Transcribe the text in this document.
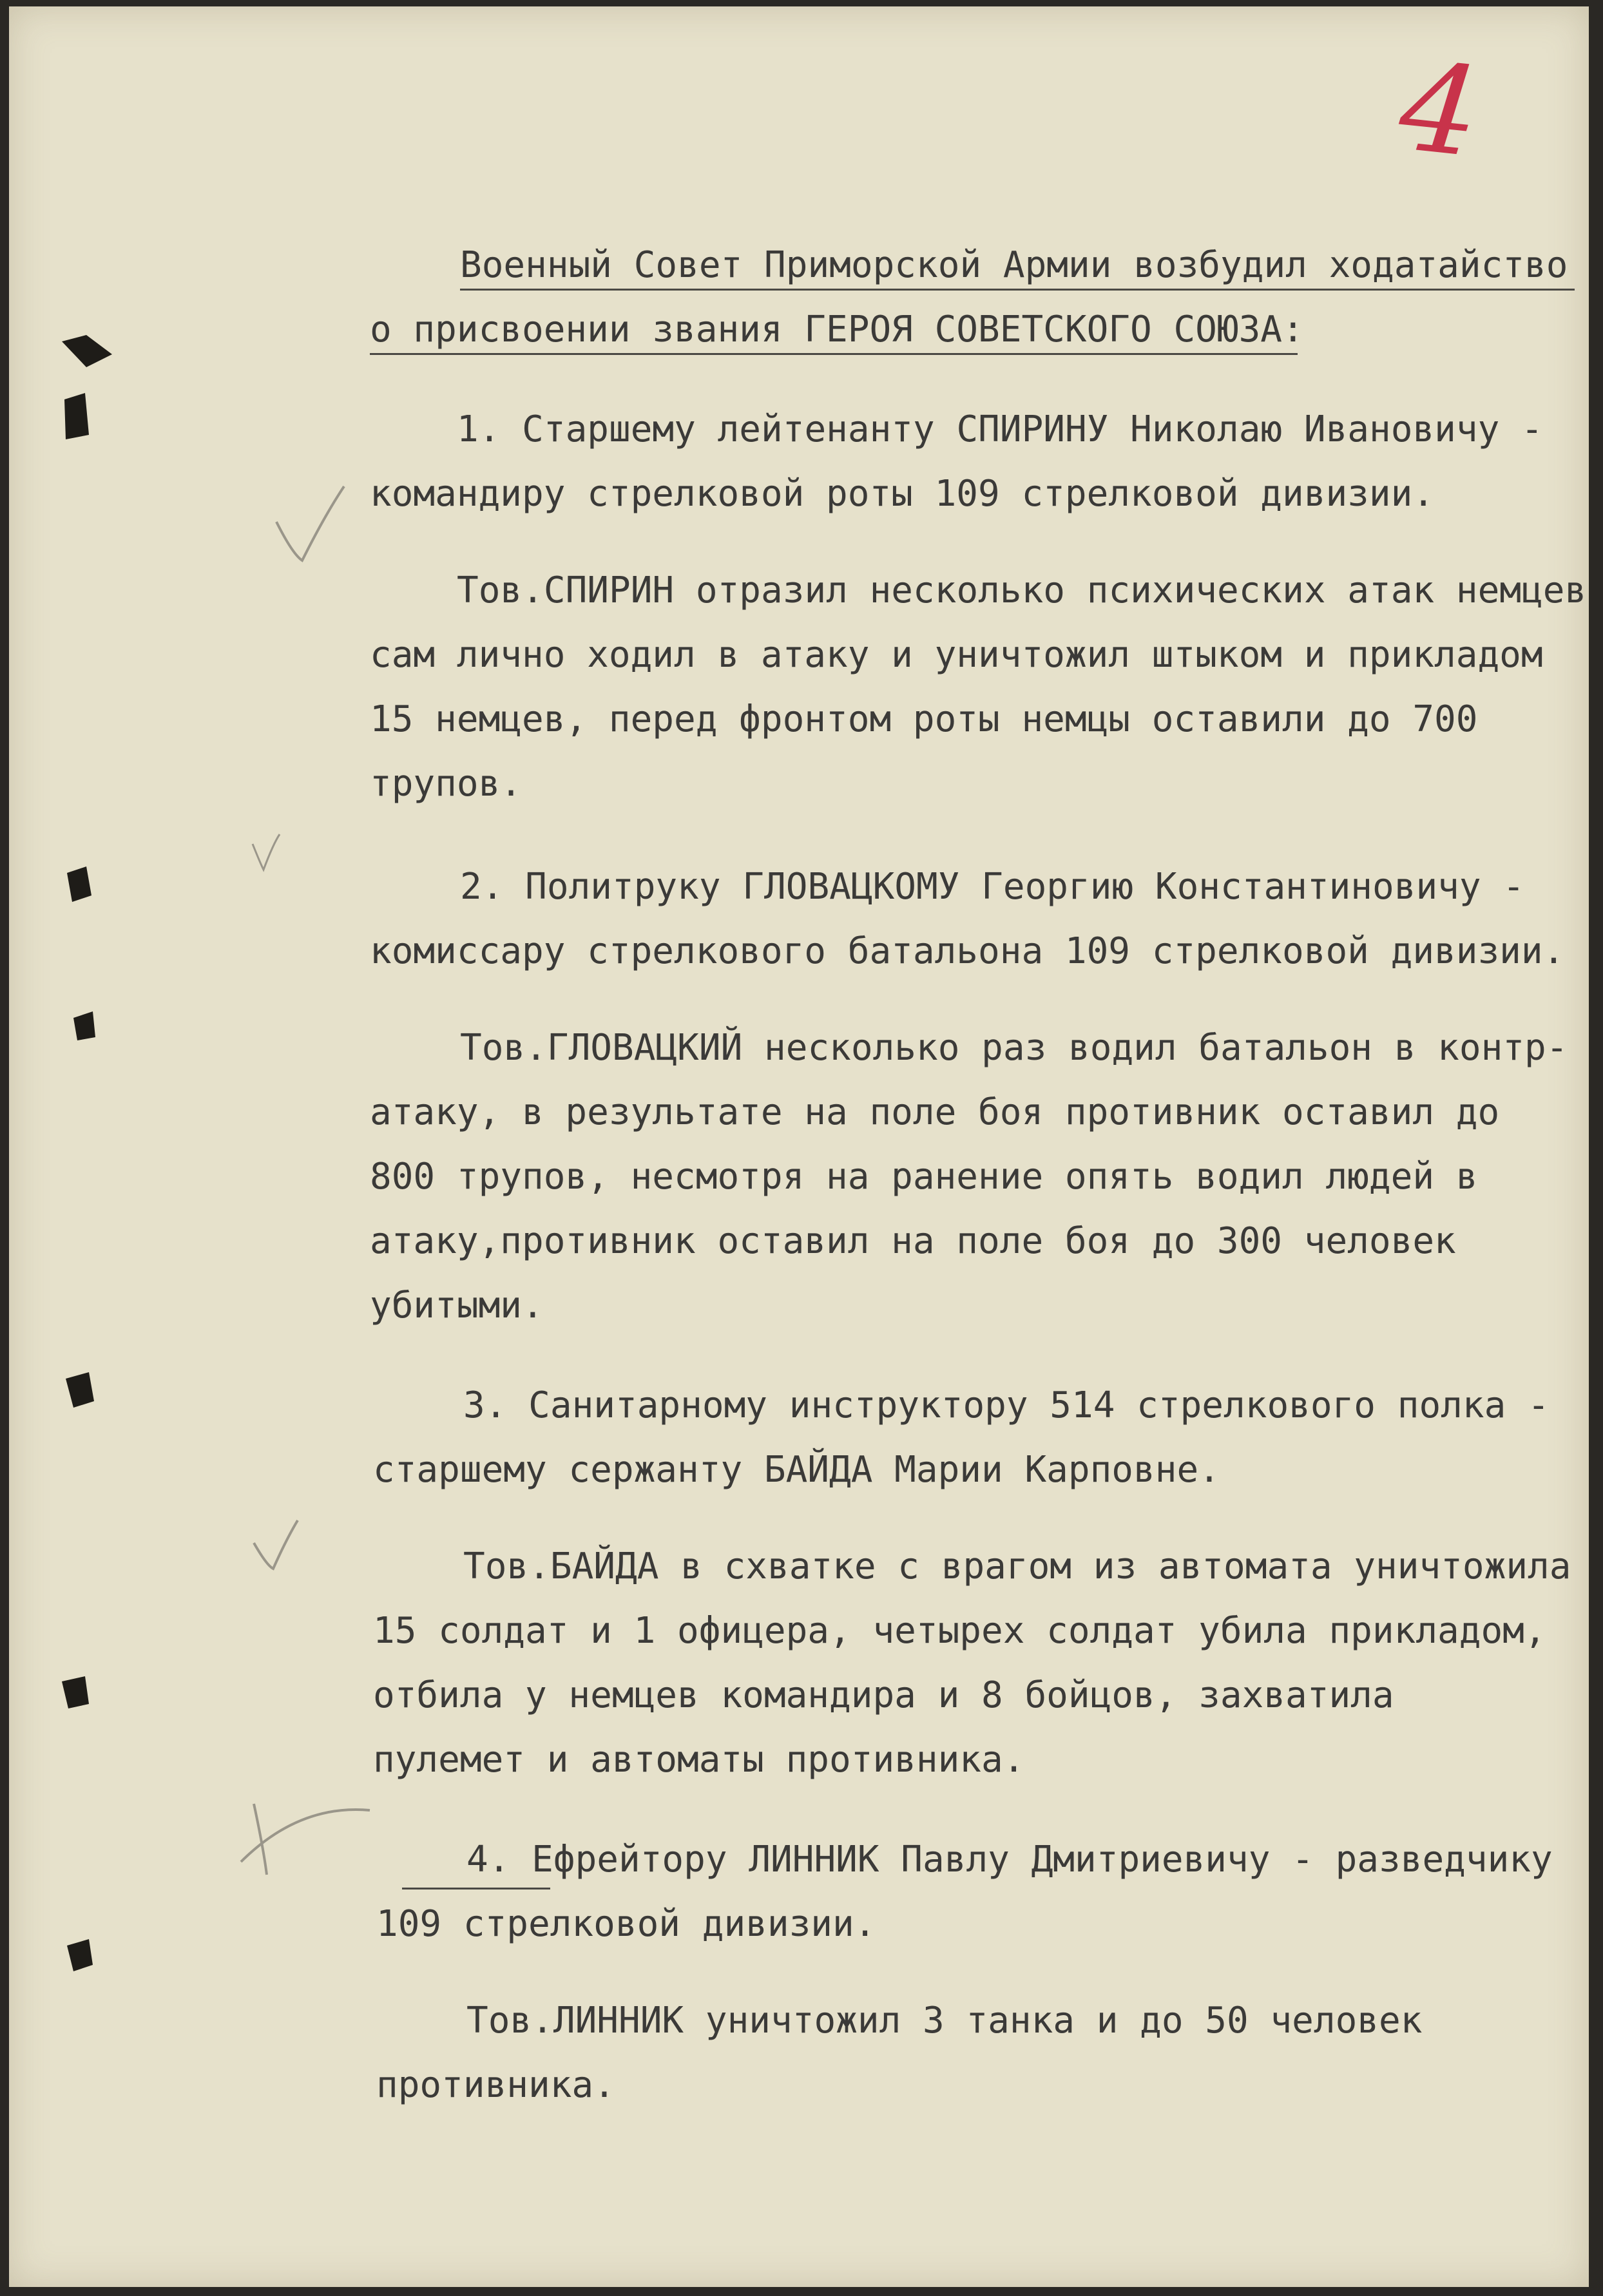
4
Военный Совет Приморской Армии возбудил ходатайство
о присвоении звания ГЕРОЯ СОВЕТСКОГО СОЮЗА:
1. Старшему лейтенанту СПИРИНУ Николаю Ивановичу -
командиру стрелковой роты 109 стрелковой дивизии.
Тов.СПИРИН отразил несколько психических атак немцев
сам лично ходил в атаку и уничтожил штыком и прикладом
15 немцев, перед фронтом роты немцы оставили до 700
трупов.
2. Политруку ГЛОВАЦКОМУ Георгию Константиновичу -
комиссару стрелкового батальона 109 стрелковой дивизии.
Тов.ГЛОВАЦКИЙ несколько раз водил батальон в контр-
атаку, в результате на поле боя противник оставил до
800 трупов, несмотря на ранение опять водил людей в
атаку,противник оставил на поле боя до 300 человек
убитыми.
3. Санитарному инструктору 514 стрелкового полка -
старшему сержанту БАЙДА Марии Карповне.
Тов.БАЙДА в схватке с врагом из автомата уничтожила
15 солдат и 1 офицера, четырех солдат убила прикладом,
отбила у немцев командира и 8 бойцов, захватила
пулемет и автоматы противника.
4. Ефрейтору ЛИННИК Павлу Дмитриевичу - разведчику
109 стрелковой дивизии.
Тов.ЛИННИК уничтожил 3 танка и до 50 человек
противника.
